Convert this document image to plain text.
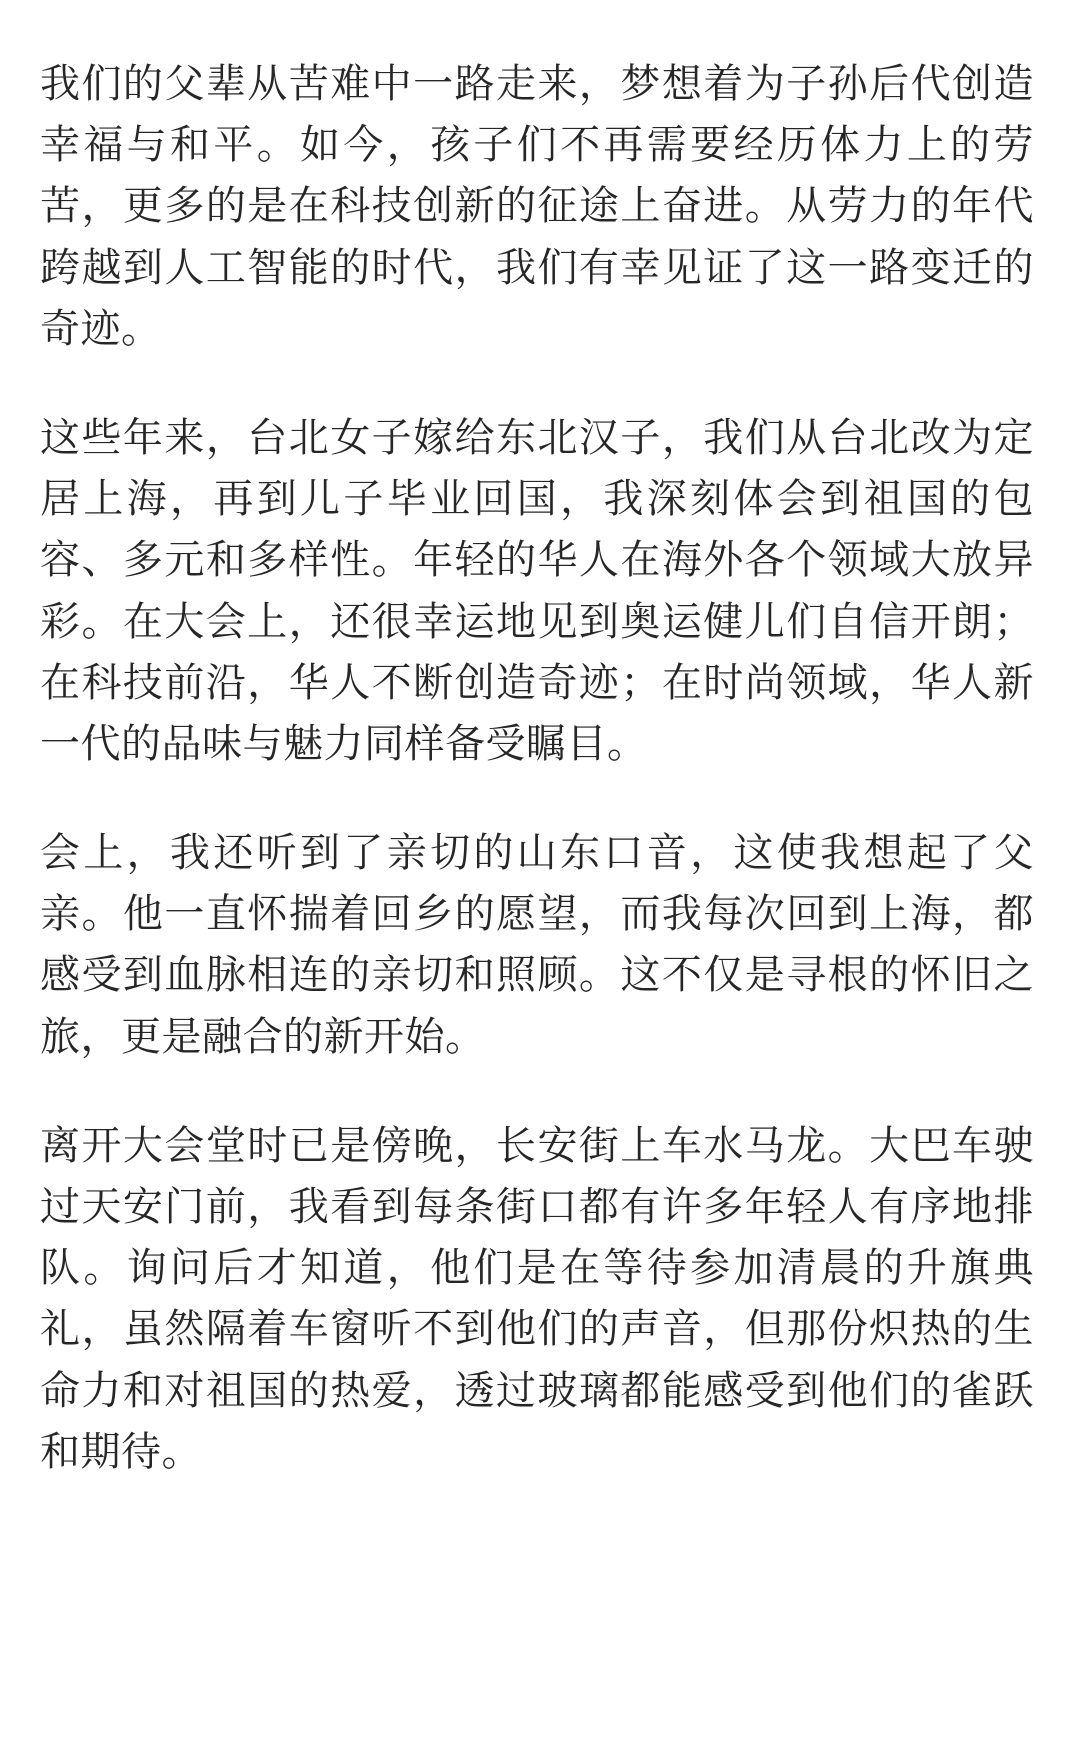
我们的父辈从苦难中一路走来，梦想着为子孙后代创造幸福与和平。如今，孩子们不再需要经历体力上的劳苦，更多的是在科技创新的征途上奋进。从劳力的年代跨越到人工智能的时代，我们有幸见证了这一路变迁的奇迹。

这些年来，台北女子嫁给东北汉子，我们从台北改为定居上海，再到儿子毕业回国，我深刻体会到祖国的包容、多元和多样性。年轻的华人在海外各个领域大放异彩。在大会上，还很幸运地见到奥运健儿们自信开朗；在科技前沿，华人不断创造奇迹；在时尚领域，华人新一代的品味与魅力同样备受瞩目。

会上，我还听到了亲切的山东口音，这使我想起了父亲。他一直怀揣着回乡的愿望，而我每次回到上海，都感受到血脉相连的亲切和照顾。这不仅是寻根的怀旧之旅，更是融合的新开始。

离开大会堂时已是傍晚，长安街上车水马龙。大巴车驶过天安门前，我看到每条街口都有许多年轻人有序地排队。询问后才知道，他们是在等待参加清晨的升旗典礼，虽然隔着车窗听不到他们的声音，但那份炽热的生命力和对祖国的热爱，透过玻璃都能感受到他们的雀跃和期待。
